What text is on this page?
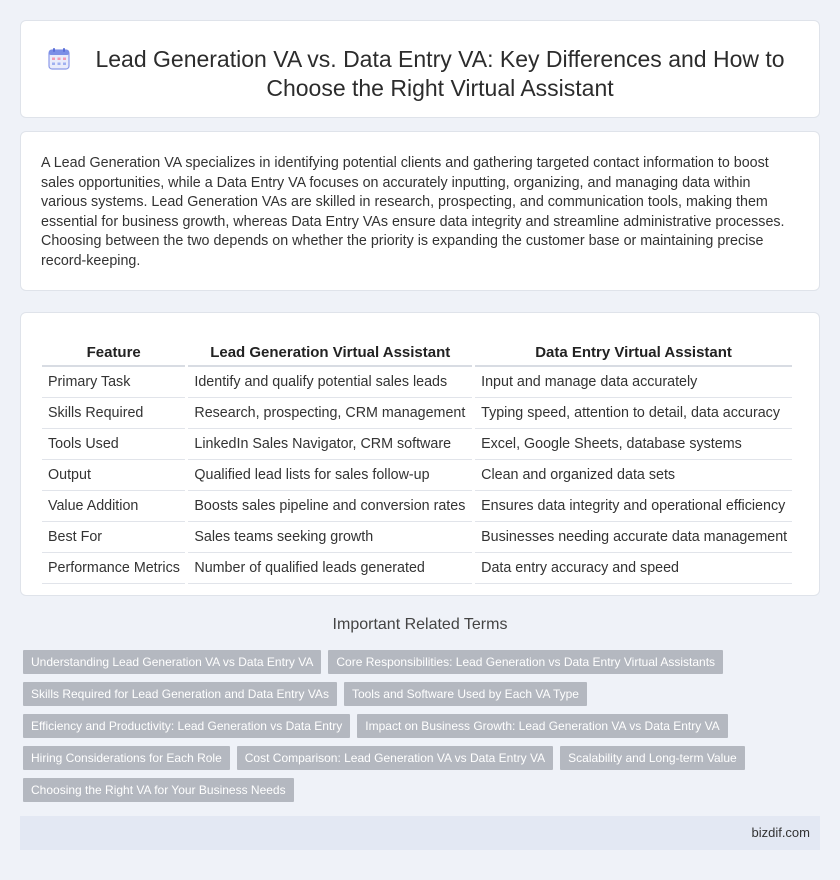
Lead Generation VA vs. Data Entry VA: Key Differences and How to Choose the Right Virtual Assistant

A Lead Generation VA specializes in identifying potential clients and gathering targeted contact information to boost sales opportunities, while a Data Entry VA focuses on accurately inputting, organizing, and managing data within various systems. Lead Generation VAs are skilled in research, prospecting, and communication tools, making them essential for business growth, whereas Data Entry VAs ensure data integrity and streamline administrative processes. Choosing between the two depends on whether the priority is expanding the customer base or maintaining precise record-keeping.

Feature	Lead Generation Virtual Assistant	Data Entry Virtual Assistant
Primary Task	Identify and qualify potential sales leads	Input and manage data accurately
Skills Required	Research, prospecting, CRM management	Typing speed, attention to detail, data accuracy
Tools Used	LinkedIn Sales Navigator, CRM software	Excel, Google Sheets, database systems
Output	Qualified lead lists for sales follow-up	Clean and organized data sets
Value Addition	Boosts sales pipeline and conversion rates	Ensures data integrity and operational efficiency
Best For	Sales teams seeking growth	Businesses needing accurate data management
Performance Metrics	Number of qualified leads generated	Data entry accuracy and speed
Important Related Terms
Understanding Lead Generation VA vs Data Entry VA	Core Responsibilities: Lead Generation vs Data Entry Virtual Assistants
Skills Required for Lead Generation and Data Entry VAs	Tools and Software Used by Each VA Type
Efficiency and Productivity: Lead Generation vs Data Entry	Impact on Business Growth: Lead Generation VA vs Data Entry VA
Hiring Considerations for Each Role	Cost Comparison: Lead Generation VA vs Data Entry VA	Scalability and Long-term Value
Choosing the Right VA for Your Business Needs
bizdif.com
